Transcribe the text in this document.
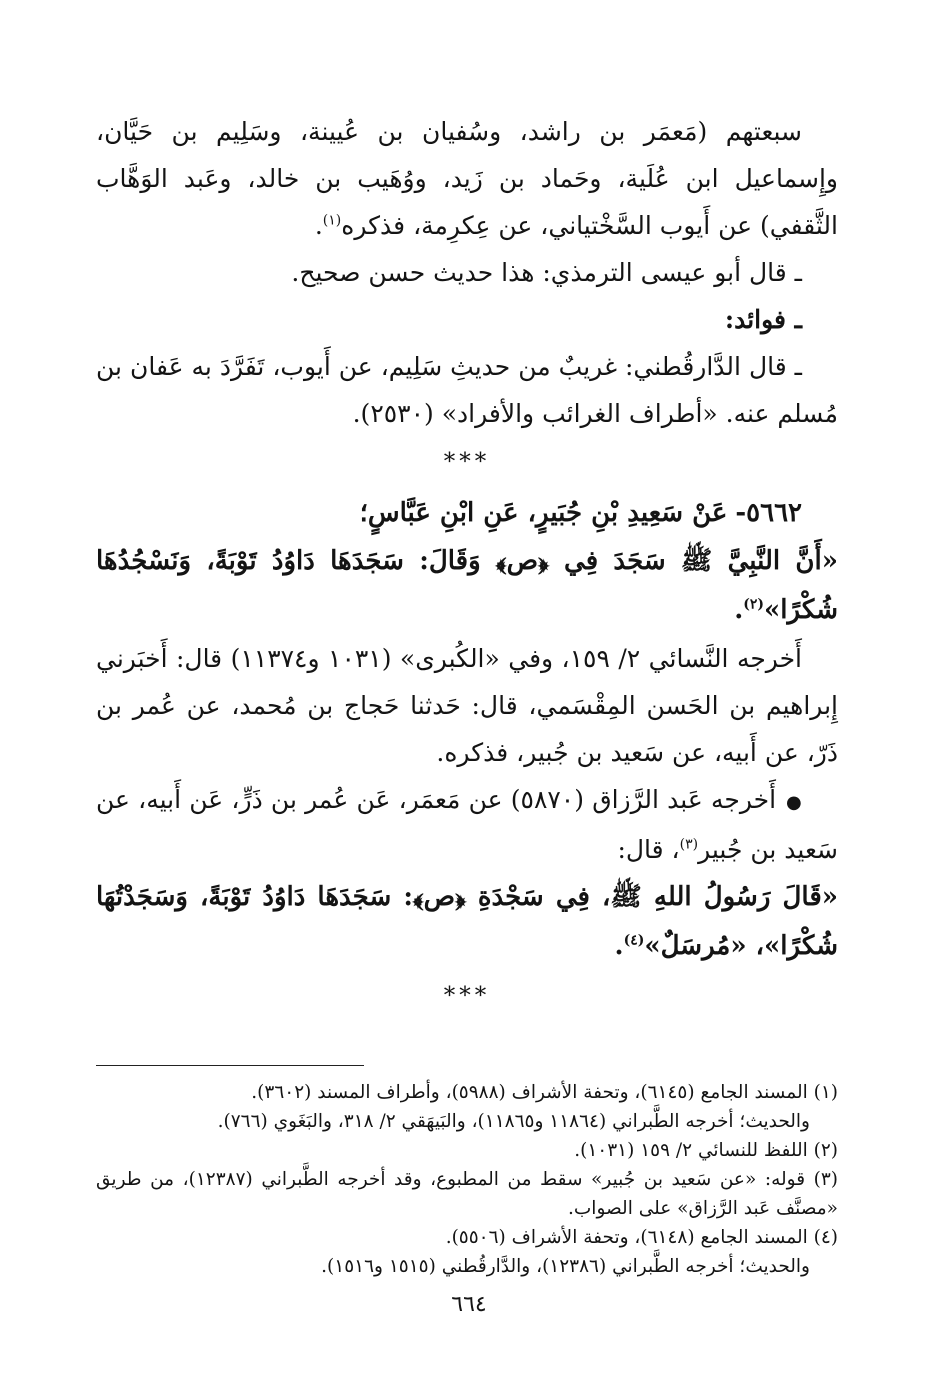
سبعتهم (مَعمَر بن راشد، وسُفيان بن عُيينة، وسَلِيم بن حَيَّان، وإِسماعيل ابن عُلَية، وحَماد بن زَيد، ووُهَيب بن خالد، وعَبد الوَهَّاب الثَّقفي) عن أَيوب السَّخْتياني، عن عِكرِمة، فذكره$^{(١)}$.

ـ قال أبو عيسى الترمذي: هذا حديث حسن صحيح.

ـ فوائد:

ـ قال الدَّارقُطني: غريبٌ من حديثِ سَلِيم، عن أَيوب، تَفَرَّدَ به عَفان بن مُسلم عنه. «أطراف الغرائب والأفراد» (٢٥٣٠).

***

٥٦٦٢- عَنْ سَعِيدِ بْنِ جُبَيرٍ، عَنِ ابْنِ عَبَّاسٍ؛

«أَنَّ النَّبِيَّ ﷺ سَجَدَ فِي ﴿ص﴾ وَقَالَ: سَجَدَهَا دَاوُدُ تَوْبَةً، وَنَسْجُدُهَا شُكْرًا»$^{(٢)}$.

أَخرجه النَّسائي ٢/ ١٥٩، وفي «الكُبرى» (١٠٣١ و١١٣٧٤) قال: أَخبَرني إِبراهيم بن الحَسن المِقْسَمي، قال: حَدثنا حَجاج بن مُحمد، عن عُمر بن ذَرّ، عن أَبيه، عن سَعيد بن جُبير، فذكره.

● أَخرجه عَبد الرَّزاق (٥٨٧٠) عن مَعمَر، عَن عُمر بن ذَرٍّ، عَن أَبيه، عن سَعيد بن جُبير$^{(٣)}$، قال:

«قَالَ رَسُولُ اللهِ ﷺ، فِي سَجْدَةِ ﴿ص﴾: سَجَدَهَا دَاوُدُ تَوْبَةً، وَسَجَدْتُهَا شُكْرًا»، «مُرسَلٌ»$^{(٤)}$.

***

(١) المسند الجامع (٦١٤٥)، وتحفة الأشراف (٥٩٨٨)، وأطراف المسند (٣٦٠٢).

والحديث؛ أخرجه الطَّبراني (١١٨٦٤ و١١٨٦٥)، والبَيهَقي ٢/ ٣١٨، والبَغَوي (٧٦٦).

(٢) اللفظ للنسائي ٢/ ١٥٩ (١٠٣١).

(٣) قوله: «عن سَعيد بن جُبير» سقط من المطبوع، وقد أخرجه الطَّبراني (١٢٣٨٧)، من طريق «مصنَّف عَبد الرَّزاق» على الصواب.

(٤) المسند الجامع (٦١٤٨)، وتحفة الأشراف (٥٥٠٦).

والحديث؛ أخرجه الطَّبراني (١٢٣٨٦)، والدَّارقُطني (١٥١٥ و١٥١٦).

٦٦٤
